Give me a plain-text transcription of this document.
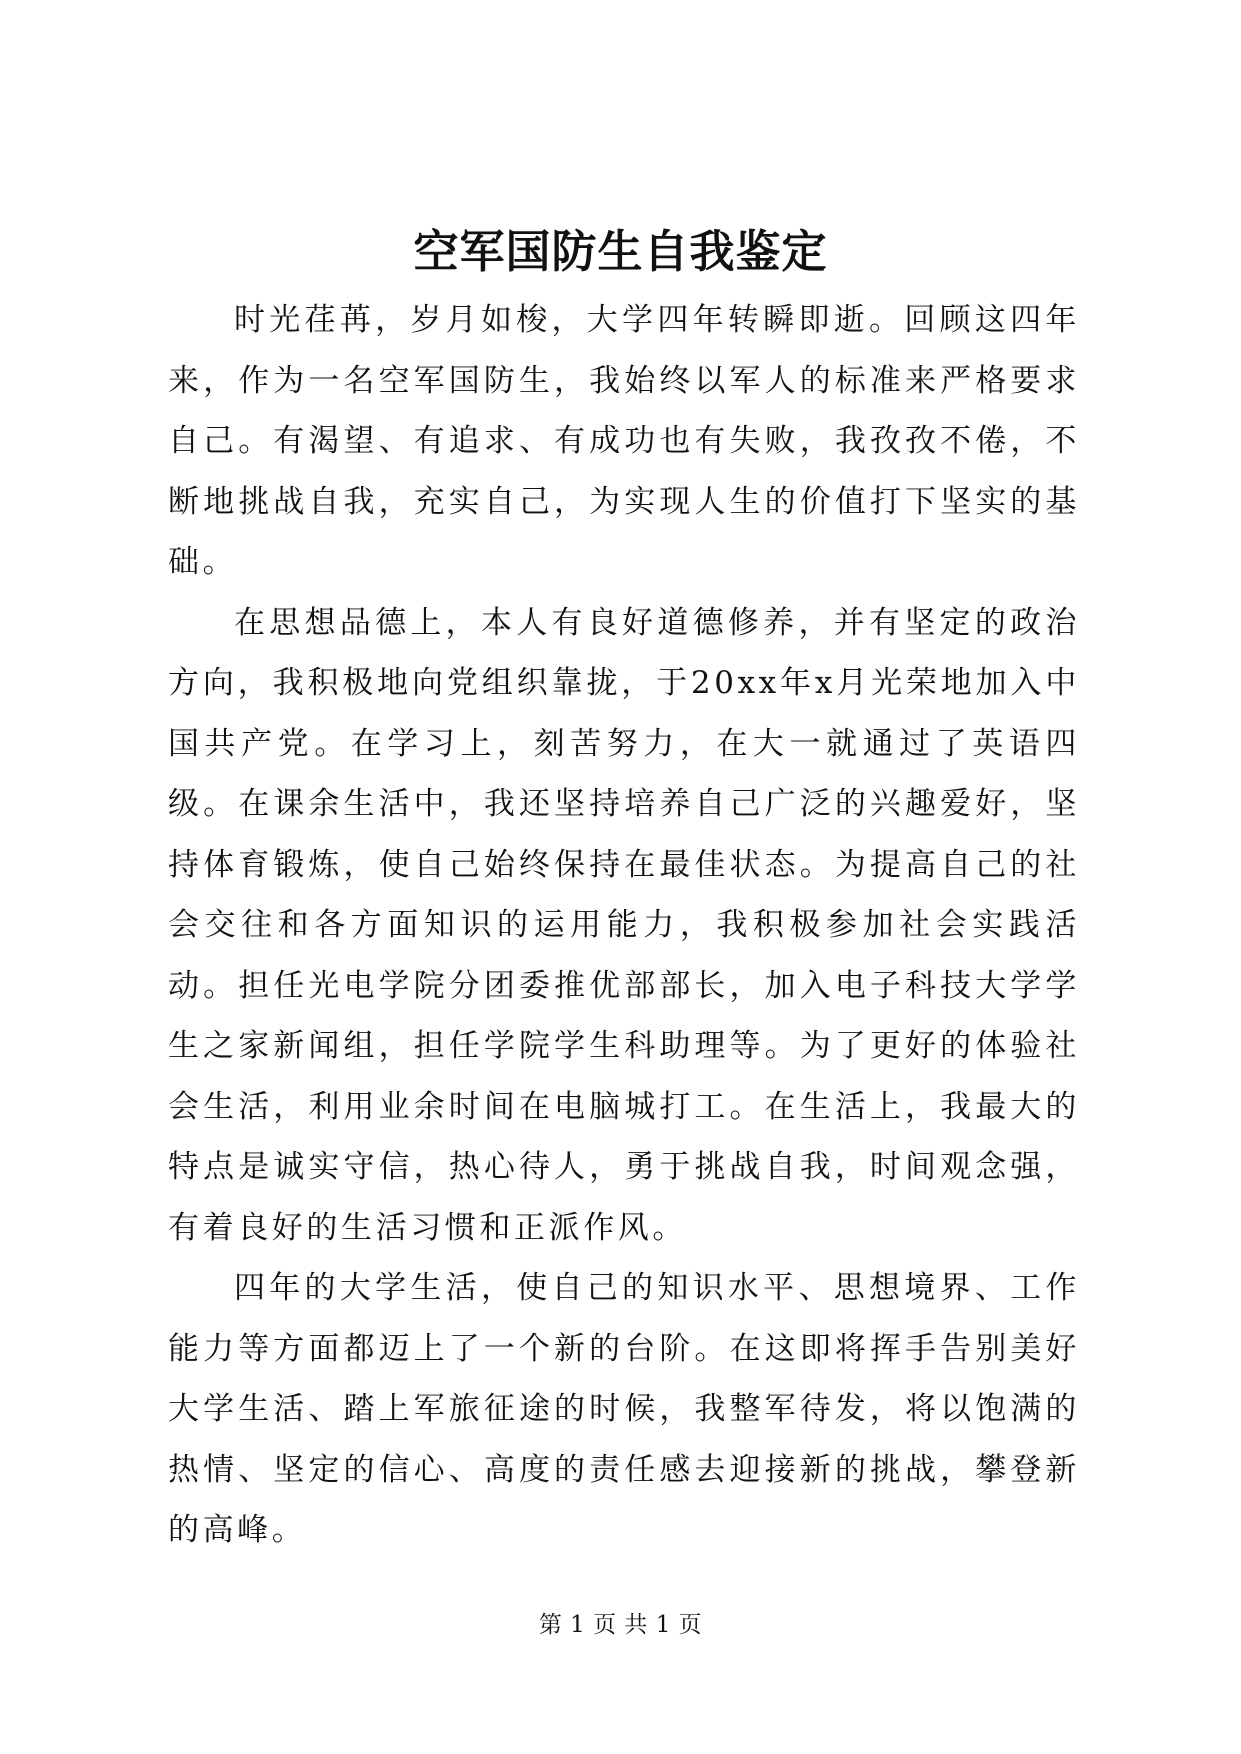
空军国防生自我鉴定

时光荏苒，岁月如梭，大学四年转瞬即逝。回顾这四年来，作为一名空军国防生，我始终以军人的标准来严格要求自己。有渴望、有追求、有成功也有失败，我孜孜不倦，不断地挑战自我，充实自己，为实现人生的价值打下坚实的基础。

在思想品德上，本人有良好道德修养，并有坚定的政治方向，我积极地向党组织靠拢，于20xx年x月光荣地加入中国共产党。在学习上，刻苦努力，在大一就通过了英语四级。在课余生活中，我还坚持培养自己广泛的兴趣爱好，坚持体育锻炼，使自己始终保持在最佳状态。为提高自己的社会交往和各方面知识的运用能力，我积极参加社会实践活动。担任光电学院分团委推优部部长，加入电子科技大学学生之家新闻组，担任学院学生科助理等。为了更好的体验社会生活，利用业余时间在电脑城打工。在生活上，我最大的特点是诚实守信，热心待人，勇于挑战自我，时间观念强，有着良好的生活习惯和正派作风。

四年的大学生活，使自己的知识水平、思想境界、工作能力等方面都迈上了一个新的台阶。在这即将挥手告别美好大学生活、踏上军旅征途的时候，我整军待发，将以饱满的热情、坚定的信心、高度的责任感去迎接新的挑战，攀登新的高峰。

第 1 页 共 1 页
